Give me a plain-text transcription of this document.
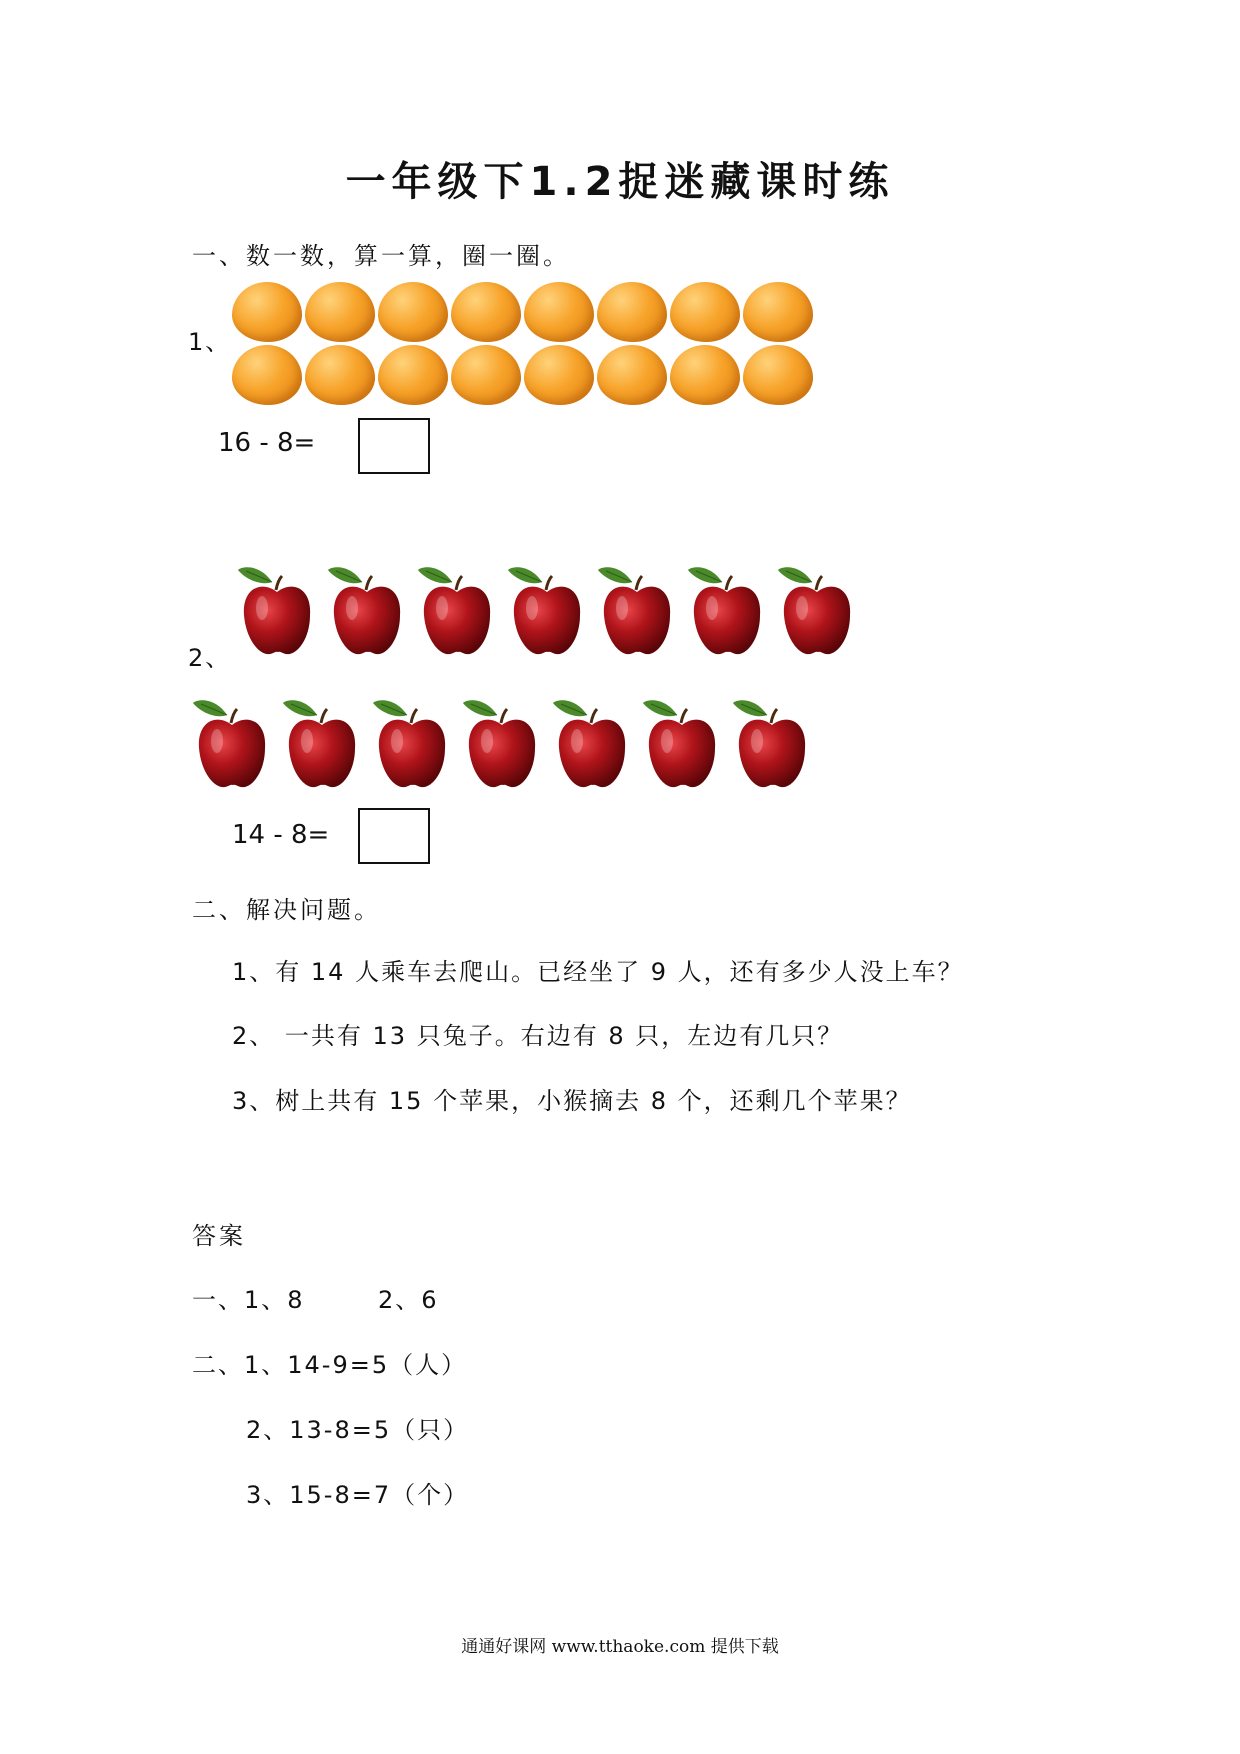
一年级下1.2捉迷藏课时练
一、数一数，算一算，圈一圈。
1、
16 - 8=
2、
14 - 8=
二、解决问题。
1、有 14 人乘车去爬山。已经坐了 9 人，还有多少人没上车？
2、 一共有 13 只兔子。右边有 8 只，左边有几只？
3、树上共有 15 个苹果，小猴摘去 8 个，还剩几个苹果？
答案
一、1、8	2、6
二、1、14-9=5（人）
2、13-8=5（只）
3、15-8=7（个）
通通好课网 www.tthaoke.com 提供下载
